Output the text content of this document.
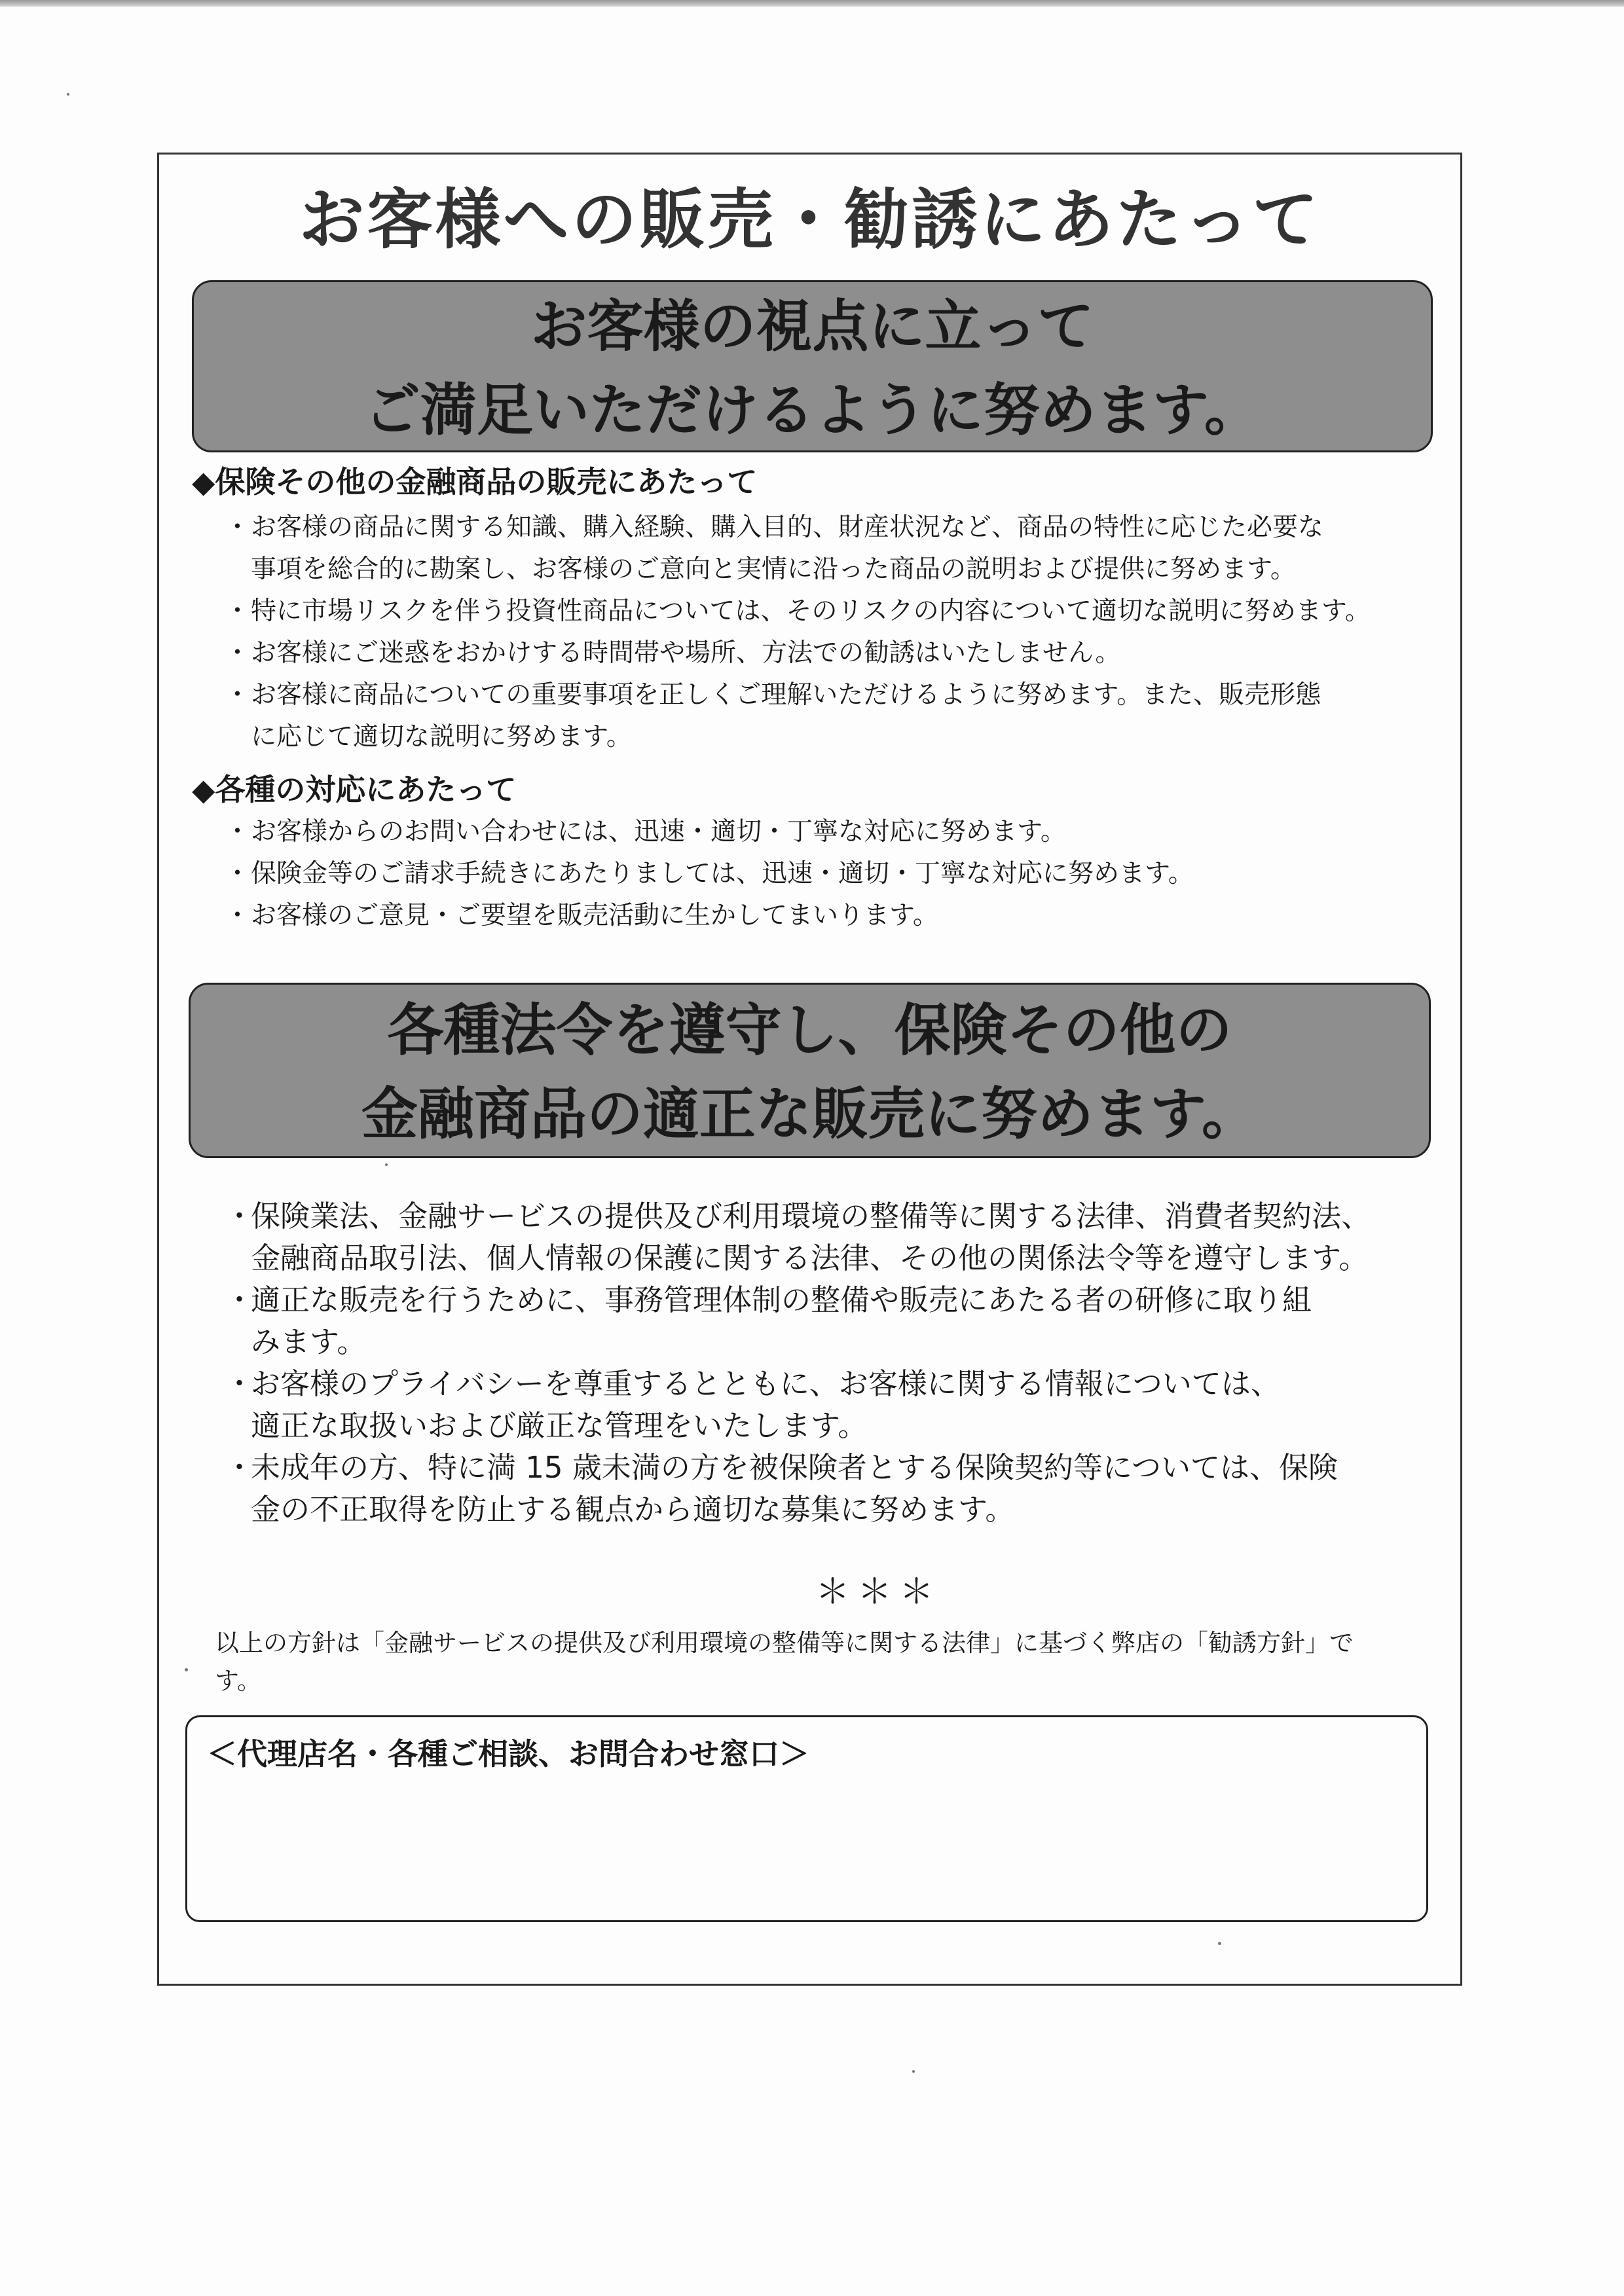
お客様への販売・勧誘にあたって
お客様の視点に立って
ご満足いただけるように努めます。
◆保険その他の金融商品の販売にあたって
・ お客様の商品に関する知識、購入経験、購入目的、財産状況など、商品の特性に応じた必要な
事項を総合的に勘案し、お客様のご意向と実情に沿った商品の説明および提供に努めます。
・ 特に市場リスクを伴う投資性商品については、そのリスクの内容について適切な説明に努めます。
・ お客様にご迷惑をおかけする時間帯や場所、方法での勧誘はいたしません。
・ お客様に商品についての重要事項を正しくご理解いただけるように努めます。また、販売形態
に応じて適切な説明に努めます。
◆各種の対応にあたって
・ お客様からのお問い合わせには、迅速・適切・丁寧な対応に努めます。
・ 保険金等のご請求手続きにあたりましては、迅速・適切・丁寧な対応に努めます。
・ お客様のご意見・ご要望を販売活動に生かしてまいります。
各種法令を遵守し、保険その他の
金融商品の適正な販売に努めます。
・
保険業法、金融サービスの提供及び利用環境の整備等に関する法律、消費者契約法、
金融商品取引法、個人情報の保護に関する法律、その他の関係法令等を遵守します。
・
適正な販売を行うために、事務管理体制の整備や販売にあたる者の研修に取り組
みます。
・
お客様のプライバシーを尊重するとともに、お客様に関する情報については、
適正な取扱いおよび厳正な管理をいたします。
・
未成年の方、特に満 15 歳未満の方を被保険者とする保険契約等については、保険
金の不正取得を防止する観点から適切な募集に努めます。
＊＊＊
以上の方針は「金融サービスの提供及び利用環境の整備等に関する法律」に基づく弊店の「勧誘方針」で
す。
＜代理店名・各種ご相談、お問合わせ窓口＞
